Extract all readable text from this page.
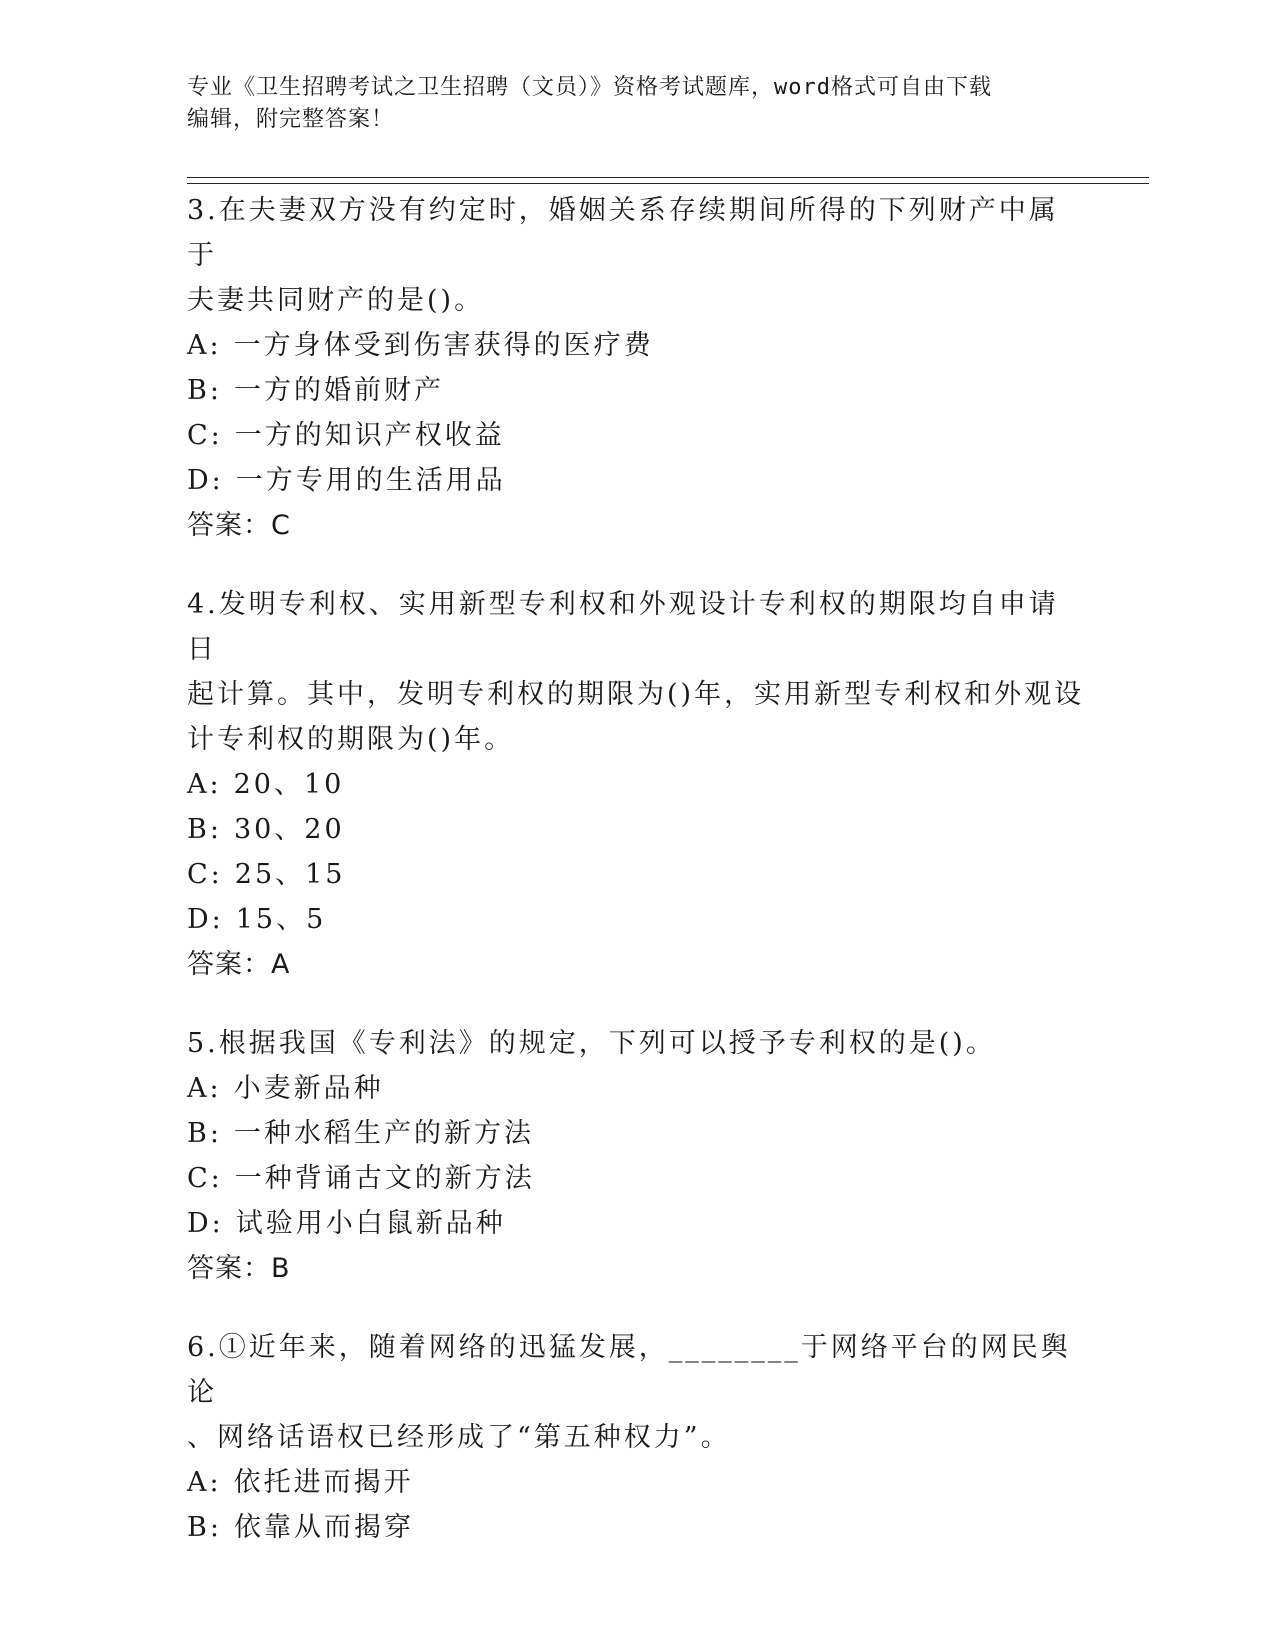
专业《卫生招聘考试之卫生招聘（文员）》资格考试题库，word格式可自由下载
编辑，附完整答案！
3.在夫妻双方没有约定时，婚姻关系存续期间所得的下列财产中属于
夫妻共同财产的是()。
A: 一方身体受到伤害获得的医疗费
B: 一方的婚前财产
C: 一方的知识产权收益
D: 一方专用的生活用品
答案：C
4.发明专利权、实用新型专利权和外观设计专利权的期限均自申请日
起计算。其中，发明专利权的期限为()年，实用新型专利权和外观设
计专利权的期限为()年。
A: 20、10
B: 30、20
C: 25、15
D: 15、5
答案：A
5.根据我国《专利法》的规定，下列可以授予专利权的是()。
A: 小麦新品种
B: 一种水稻生产的新方法
C: 一种背诵古文的新方法
D: 试验用小白鼠新品种
答案：B
6.①近年来，随着网络的迅猛发展，________于网络平台的网民舆论
、网络话语权已经形成了“第五种权力”。
A: 依托进而揭开
B: 依靠从而揭穿
